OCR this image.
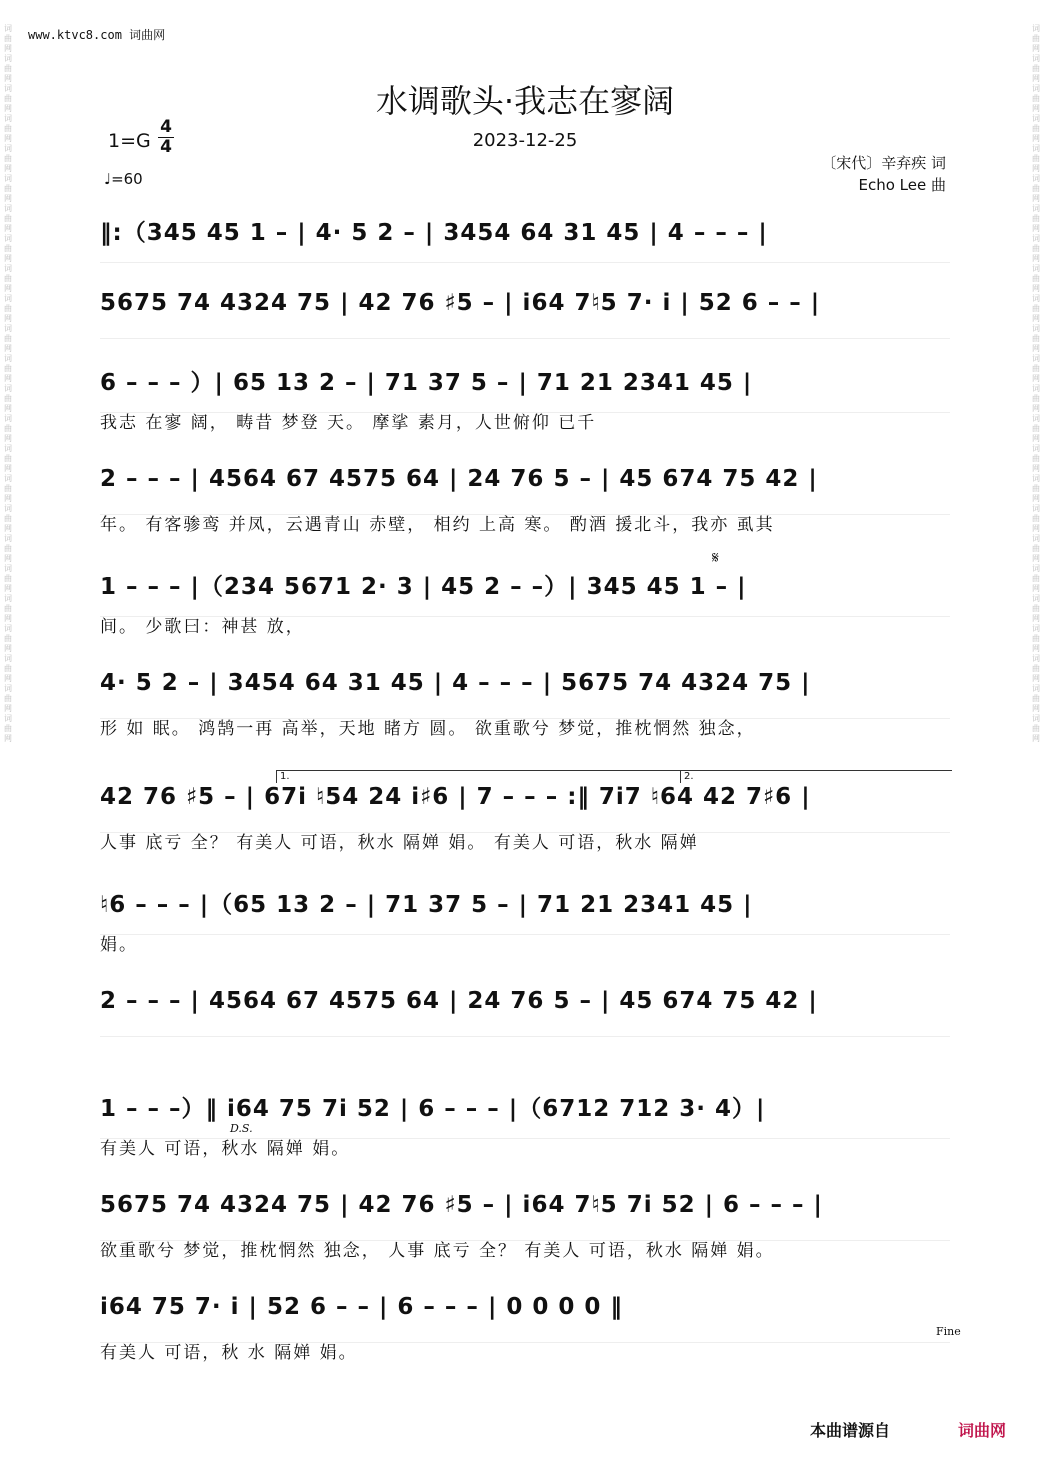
www.ktvc8.com 词曲网
水调歌头·我志在寥阔
2023-12-25
$1=G \frac{4}{4}$
♩=60
〔宋代〕辛弃疾 词
Echo Lee 曲
词曲网词曲网词曲网词曲网词曲网词曲网词曲网词曲网词曲网词曲网词曲网词曲网词曲网词曲网词曲网词曲网词曲网词曲网词曲网词曲网词曲网词曲网词曲网词曲网
词曲网词曲网词曲网词曲网词曲网词曲网词曲网词曲网词曲网词曲网词曲网词曲网词曲网词曲网词曲网词曲网词曲网词曲网词曲网词曲网词曲网词曲网词曲网词曲网
‖:（345 45 1 – | 4· 5 2 – | 3454 64 31 45 | 4 – – – |
5675 74 4324 75 | 42 76 ♯5 – | i64 7♮5 7· i | 52 6 – – |
6 – – – ）| 65 13 2 – | 71 37 5 – | 71 21 2341 45 |
我志 在寥 阔， 畴昔 梦登 天。 摩挲 素月，人世俯仰 已千
2 – – – | 4564 67 4575 64 | 24 76 5 – | 45 674 75 42 |
年。 有客骖鸾 并凤，云遇青山 赤壁， 相约 上高 寒。 酌酒 援北斗，我亦 虱其
1 – – – |（234 5671 2· 3 | 45 2 – –）| 345 45 1 – |
间。 少歌曰：神甚 放，
4· 5 2 – | 3454 64 31 45 | 4 – – – | 5675 74 4324 75 |
形 如 眠。 鸿鹄一再 高举，天地 睹方 圆。 欲重歌兮 梦觉，推枕惘然 独念，
42 76 ♯5 – | 67i ♮54 24 i♯6 | 7 – – – :‖ 7i7 ♮64 42 7♯6 |
人事 底亏 全？ 有美人 可语，秋水 隔婵 娟。 有美人 可语，秋水 隔婵
♮6 – – – |（65 13 2 – | 71 37 5 – | 71 21 2341 45 |
娟。
2 – – – | 4564 67 4575 64 | 24 76 5 – | 45 674 75 42 |
1 – – –）‖ i64 75 7i 52 | 6 – – – |（6712 712 3· 4）|
有美人 可语，秋水 隔婵 娟。
5675 74 4324 75 | 42 76 ♯5 – | i64 7♮5 7i 52 | 6 – – – |
欲重歌兮 梦觉，推枕惘然 独念， 人事 底亏 全？ 有美人 可语，秋水 隔婵 娟。
i64 75 7· i | 52 6 – – | 6 – – – | 0 0 0 0 ‖
有美人 可语，秋 水 隔婵 娟。
1.	2.
𝄋
D.S.
Fine
本曲谱源自	词曲网
